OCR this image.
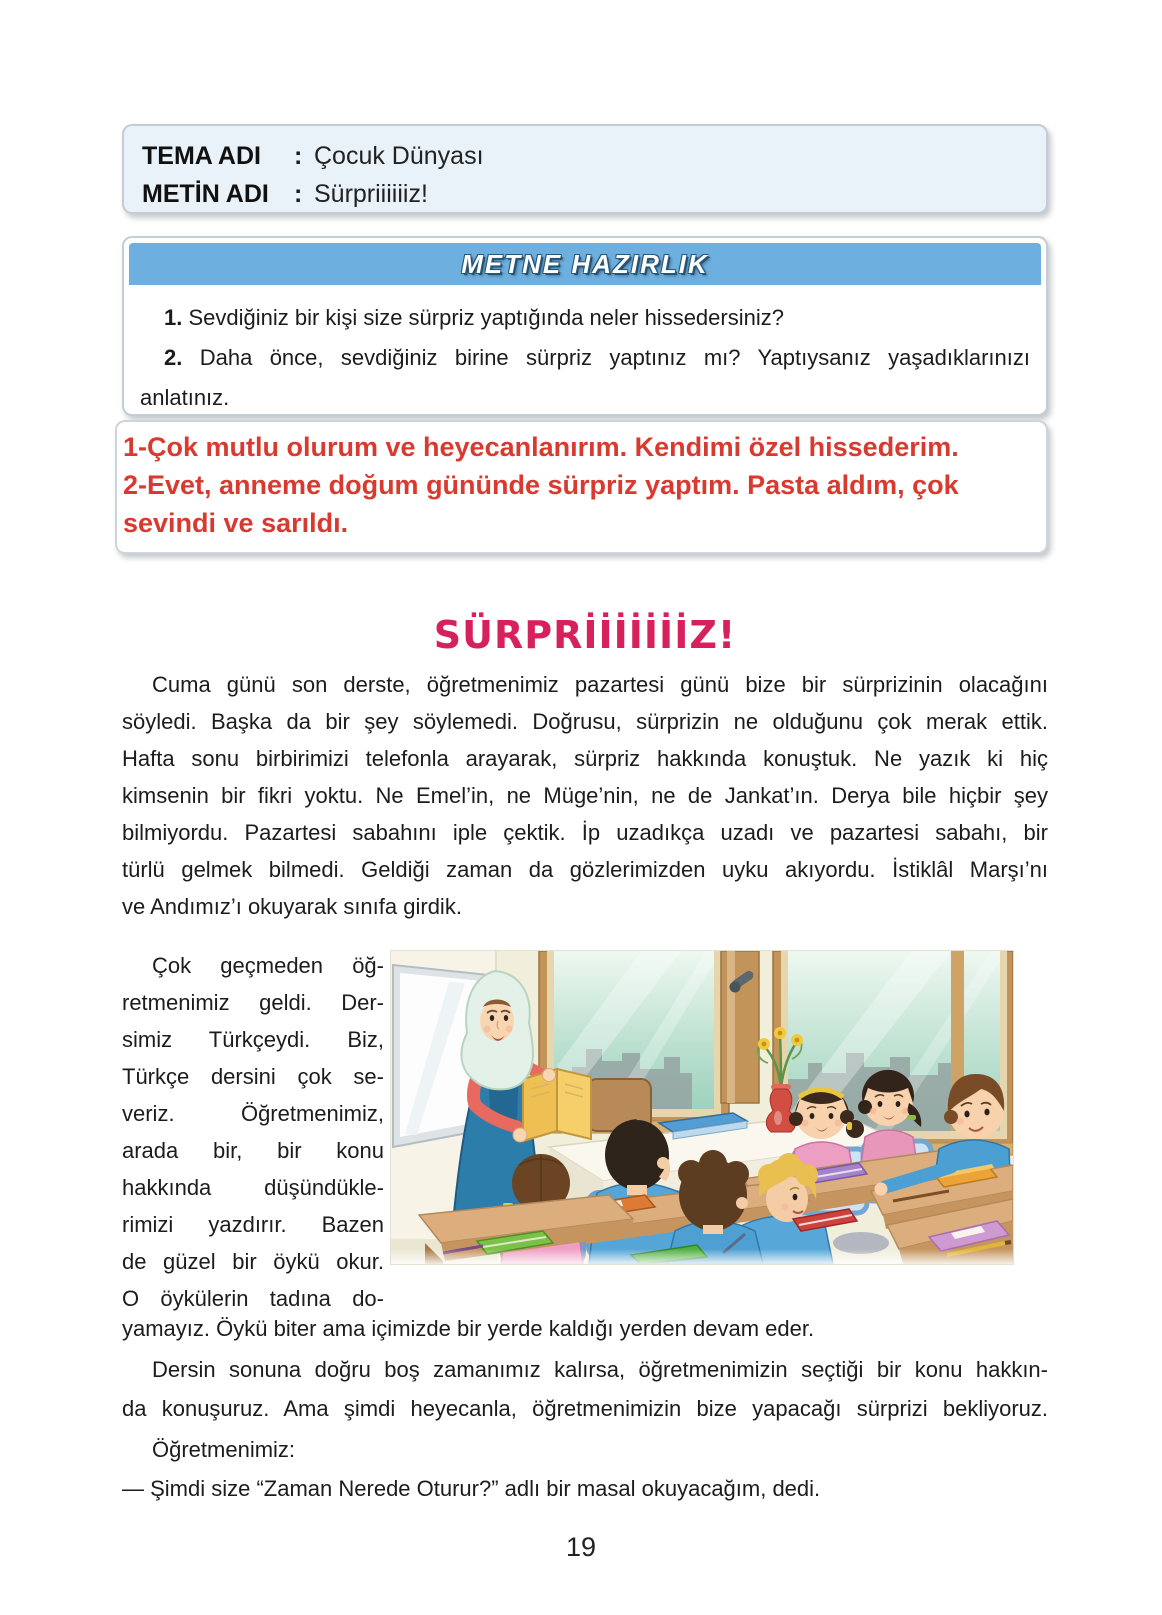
TEMA ADI : Çocuk Dünyası
METİN ADI : Sürpriiiiiiz!
METNE HAZIRLIK
1. Sevdiğiniz bir kişi size sürpriz yaptığında neler hissedersiniz?
2. Daha önce, sevdiğiniz birine sürpriz yaptınız mı? Yaptıysanız yaşadıklarınızı
anlatınız.
1-Çok mutlu olurum ve heyecanlanırım. Kendimi özel hissederim.
2-Evet, anneme doğum gününde sürpriz yaptım. Pasta aldım, çok
sevindi ve sarıldı.
SÜRPRİİİİİİİZ!
Cuma günü son derste, öğretmenimiz pazartesi günü bize bir sürprizinin olacağını
söyledi. Başka da bir şey söylemedi. Doğrusu, sürprizin ne olduğunu çok merak ettik.
Hafta sonu birbirimizi telefonla arayarak, sürpriz hakkında konuştuk. Ne yazık ki hiç
kimsenin bir fikri yoktu. Ne Emel’in, ne Müge’nin, ne de Jankat’ın. Derya bile hiçbir şey
bilmiyordu. Pazartesi sabahını iple çektik. İp uzadıkça uzadı ve pazartesi sabahı, bir
türlü gelmek bilmedi. Geldiği zaman da gözlerimizden uyku akıyordu. İstiklâl Marşı’nı
ve Andımız’ı okuyarak sınıfa girdik.
Çok geçmeden öğ-
retmenimiz geldi. Der-
simiz Türkçeydi. Biz,
Türkçe dersini çok se-
veriz. Öğretmenimiz,
arada bir, bir konu
hakkında düşündükle-
rimizi yazdırır. Bazen
de güzel bir öykü okur.
O öykülerin tadına do-
yamayız. Öykü biter ama içimizde bir yerde kaldığı yerden devam eder.
Dersin sonuna doğru boş zamanımız kalırsa, öğretmenimizin seçtiği bir konu hakkın-
da konuşuruz. Ama şimdi heyecanla, öğretmenimizin bize yapacağı sürprizi bekliyoruz.
Öğretmenimiz:
— Şimdi size “Zaman Nerede Oturur?” adlı bir masal okuyacağım, dedi.
19
